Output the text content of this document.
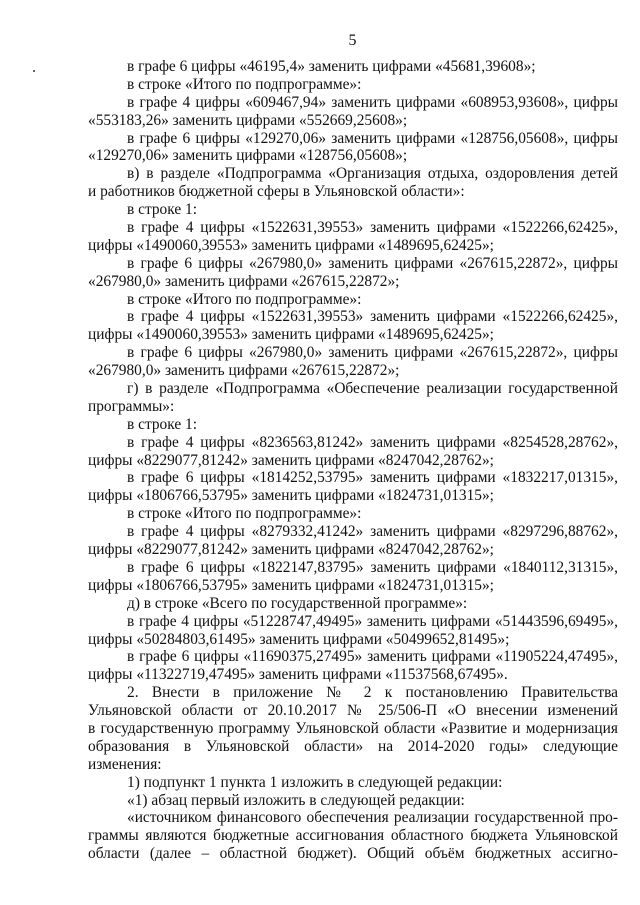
5
в графе 6 цифры «46195,4» заменить цифрами «45681,39608»;
в строке «Итого по подпрограмме»:
в графе 4 цифры «609467,94» заменить цифрами «608953,93608», цифры
«553183,26» заменить цифрами «552669,25608»;
в графе 6 цифры «129270,06» заменить цифрами «128756,05608», цифры
«129270,06» заменить цифрами «128756,05608»;
в) в разделе «Подпрограмма «Организация отдыха, оздоровления детей
и работников бюджетной сферы в Ульяновской области»:
в строке 1:
в графе 4 цифры «1522631,39553» заменить цифрами «1522266,62425»,
цифры «1490060,39553» заменить цифрами «1489695,62425»;
в графе 6 цифры «267980,0» заменить цифрами «267615,22872», цифры
«267980,0» заменить цифрами «267615,22872»;
в строке «Итого по подпрограмме»:
в графе 4 цифры «1522631,39553» заменить цифрами «1522266,62425»,
цифры «1490060,39553» заменить цифрами «1489695,62425»;
в графе 6 цифры «267980,0» заменить цифрами «267615,22872», цифры
«267980,0» заменить цифрами «267615,22872»;
г) в разделе «Подпрограмма «Обеспечение реализации государственной
программы»:
в строке 1:
в графе 4 цифры «8236563,81242» заменить цифрами «8254528,28762»,
цифры «8229077,81242» заменить цифрами «8247042,28762»;
в графе 6 цифры «1814252,53795» заменить цифрами «1832217,01315»,
цифры «1806766,53795» заменить цифрами «1824731,01315»;
в строке «Итого по подпрограмме»:
в графе 4 цифры «8279332,41242» заменить цифрами «8297296,88762»,
цифры «8229077,81242» заменить цифрами «8247042,28762»;
в графе 6 цифры «1822147,83795» заменить цифрами «1840112,31315»,
цифры «1806766,53795» заменить цифрами «1824731,01315»;
д) в строке «Всего по государственной программе»:
в графе 4 цифры «51228747,49495» заменить цифрами «51443596,69495»,
цифры «50284803,61495» заменить цифрами «50499652,81495»;
в графе 6 цифры «11690375,27495» заменить цифрами «11905224,47495»,
цифры «11322719,47495» заменить цифрами «11537568,67495».
2. Внести в приложение № 2 к постановлению Правительства
Ульяновской области от 20.10.2017 № 25/506-П «О внесении изменений
в государственную программу Ульяновской области «Развитие и модернизация
образования в Ульяновской области» на 2014-2020 годы» следующие
изменения:
1) подпункт 1 пункта 1 изложить в следующей редакции:
«1) абзац первый изложить в следующей редакции:
«источником финансового обеспечения реализации государственной про-
граммы являются бюджетные ассигнования областного бюджета Ульяновской
области (далее – областной бюджет). Общий объём бюджетных ассигно-
